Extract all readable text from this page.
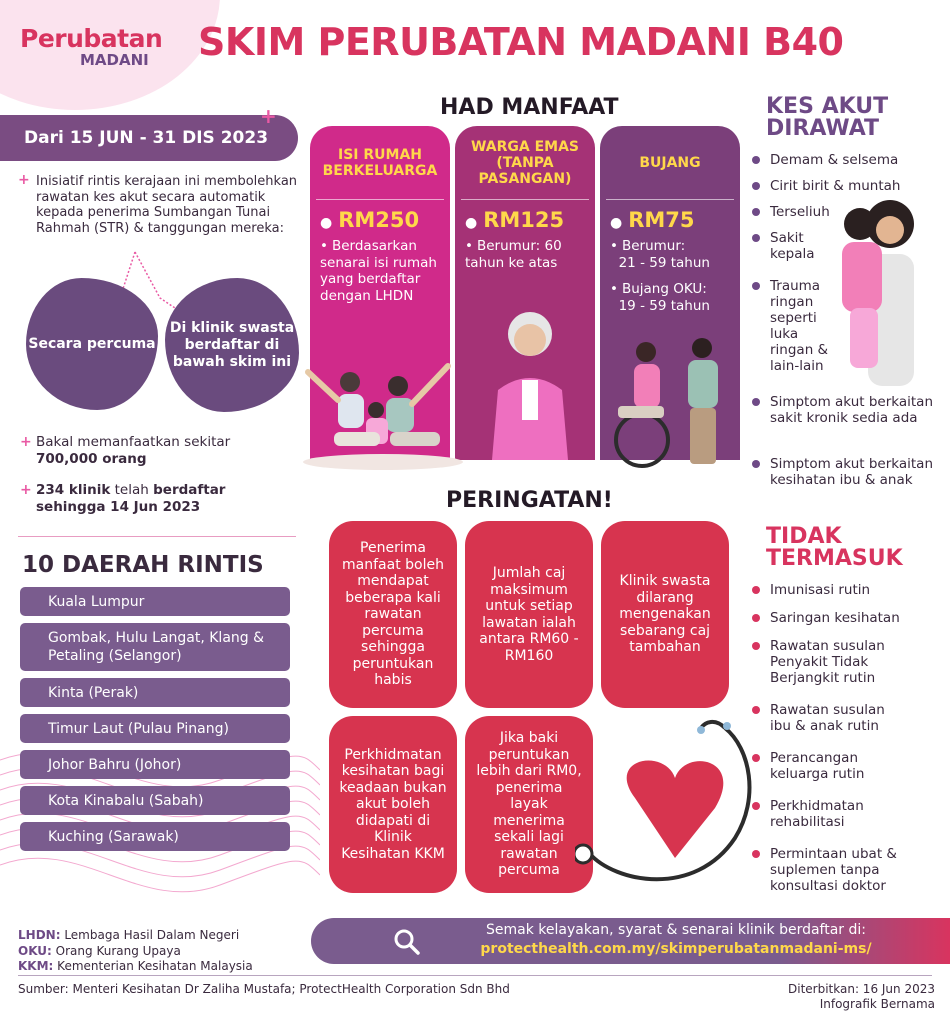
Perubatan
MADANI	SKIM PERUBATAN MADANI B40
Dari 15 JUN - 31 DIS 2023
+
+ Inisiatif rintis kerajaan ini membolehkan rawatan kes akut secara automatik kepada penerima Sumbangan Tunai Rahmah (STR) & tanggungan mereka:

Secara percuma
Di klinik swasta berdaftar di bawah skim ini
+ Bakal memanfaatkan sekitar
700,000 orang
+ 234 klinik telah berdaftar
sehingga 14 Jun 2023
10 DAERAH RINTIS
Kuala Lumpur
Gombak, Hulu Langat, Klang & Petaling (Selangor)
Kinta (Perak)
Timur Laut (Pulau Pinang)
Johor Bahru (Johor)
Kota Kinabalu (Sabah)
Kuching (Sarawak)
LHDN: Lembaga Hasil Dalam Negeri
OKU: Orang Kurang Upaya
KKM: Kementerian Kesihatan Malaysia
HAD MANFAAT
ISI RUMAH BERKELUARGA
● RM250
• Berdasarkan senarai isi rumah yang berdaftar dengan LHDN
WARGA EMAS (TANPA PASANGAN)
● RM125
• Berumur: 60 tahun ke atas
BUJANG
● RM75
• Berumur:
21 - 59 tahun
• Bujang OKU:
19 - 59 tahun
KES AKUT
DIRAWAT
Demam & selsema
Cirit birit & muntah
Terseliuh
Sakit kepala
Trauma ringan seperti luka ringan & lain-lain
Simptom akut berkaitan sakit kronik sedia ada
Simptom akut berkaitan kesihatan ibu & anak
TIDAK
TERMASUK
Imunisasi rutin
Saringan kesihatan
Rawatan susulan Penyakit Tidak Berjangkit rutin
Rawatan susulan ibu & anak rutin
Perancangan keluarga rutin
Perkhidmatan rehabilitasi
Permintaan ubat & suplemen tanpa konsultasi doktor
PERINGATAN!
Penerima manfaat boleh mendapat beberapa kali rawatan percuma sehingga peruntukan habis
Jumlah caj maksimum untuk setiap lawatan ialah antara RM60 - RM160
Klinik swasta dilarang mengenakan sebarang caj tambahan
Perkhidmatan kesihatan bagi keadaan bukan akut boleh didapati di Klinik Kesihatan KKM
Jika baki peruntukan lebih dari RM0, penerima layak menerima sekali lagi rawatan percuma
Semak kelayakan, syarat & senarai klinik berdaftar di:
protecthealth.com.my/skimperubatanmadani-ms/
Sumber: Menteri Kesihatan Dr Zaliha Mustafa; ProtectHealth Corporation Sdn Bhd	Diterbitkan: 16 Jun 2023
Infografik Bernama
